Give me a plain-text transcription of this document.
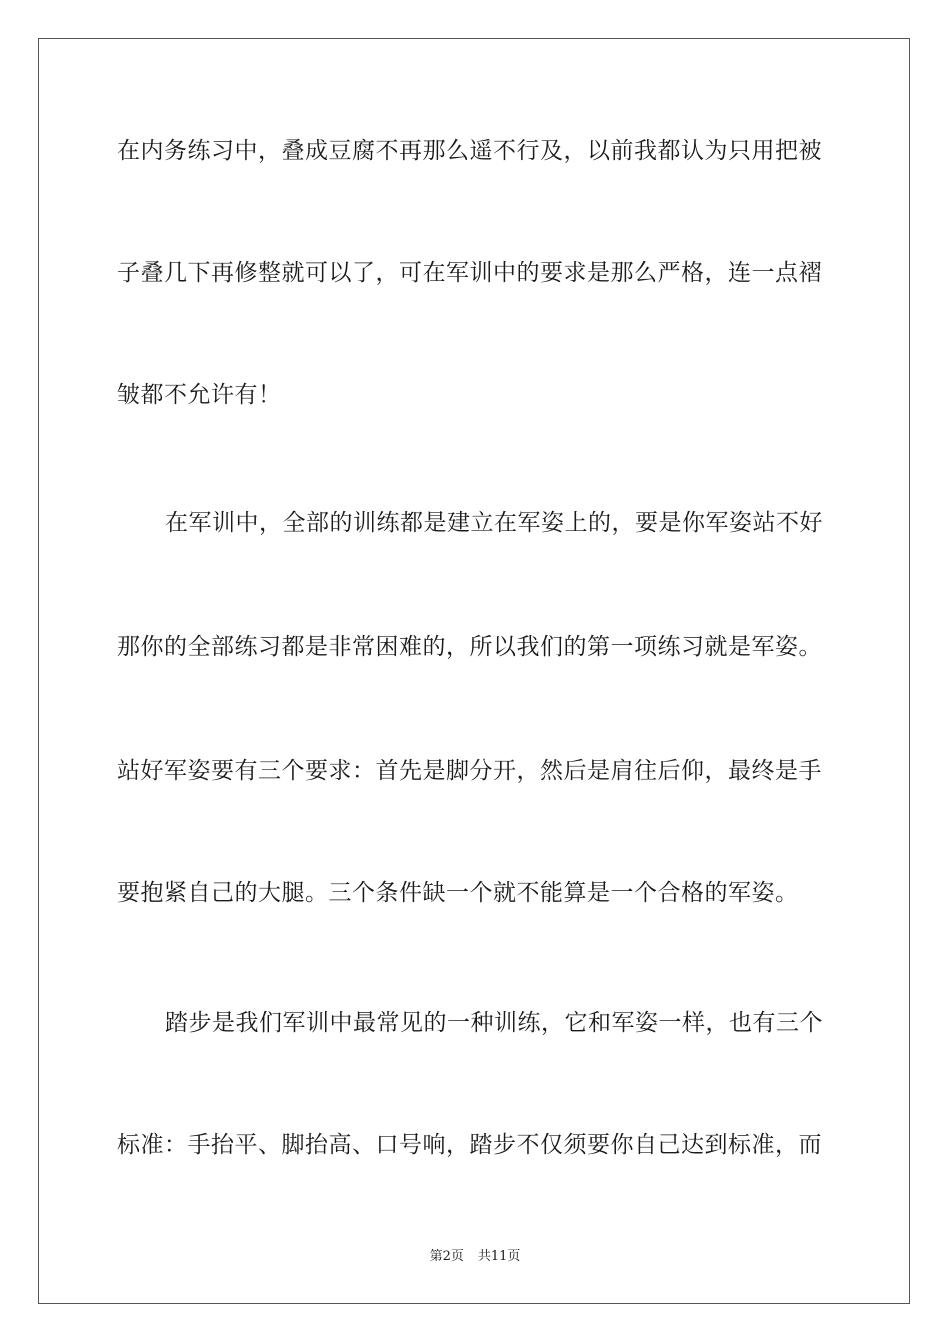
在内务练习中，叠成豆腐不再那么遥不行及，以前我都认为只用把被
子叠几下再修整就可以了，可在军训中的要求是那么严格，连一点褶
皱都不允许有！
在军训中，全部的训练都是建立在军姿上的，要是你军姿站不好
那你的全部练习都是非常困难的，所以我们的第一项练习就是军姿。
站好军姿要有三个要求：首先是脚分开，然后是肩往后仰，最终是手
要抱紧自己的大腿。三个条件缺一个就不能算是一个合格的军姿。
踏步是我们军训中最常见的一种训练，它和军姿一样，也有三个
标准：手抬平、脚抬高、口号响，踏步不仅须要你自己达到标准，而
第2页 共11页
